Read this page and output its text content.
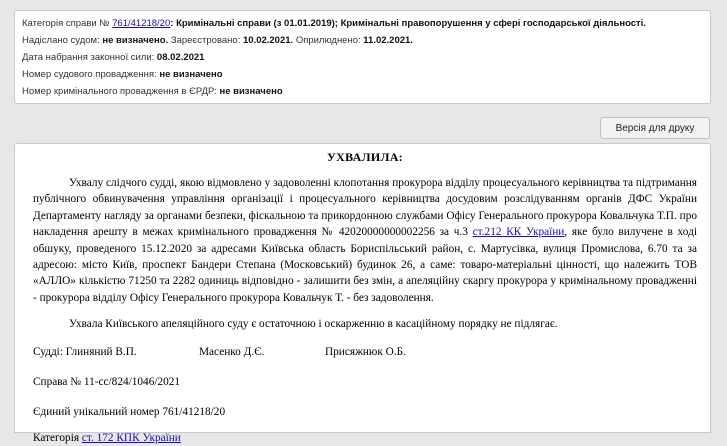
Категорія справи № 761/41218/20: Кримінальні справи (з 01.01.2019); Кримінальні правопорушення у сфері господарської діяльності.
Надіслано судом: не визначено. Зареєстровано: 10.02.2021. Оприлюднено: 11.02.2021.
Дата набрання законної сили: 08.02.2021
Номер судового провадження: не визначено
Номер кримінального провадження в ЄРДР: не визначено
Версія для друку
УХВАЛИЛА:

Ухвалу слідчого судді, якою відмовлено у задоволенні клопотання прокурора відділу процесуального керівництва та підтримання публічного обвинувачення управління організації і процесуального керівництва досудовим розслідуванням органів ДФС України Департаменту нагляду за органами безпеки, фіскальною та прикордонною службами Офісу Генерального прокурора Ковальчука Т.П. про накладення арешту в межах кримінального провадження № 42020000000002256 за ч.3 ст.212 КК України, яке було вилучене в ході обшуку, проведеного 15.12.2020 за адресами Київська область Бориспільський район, с. Мартусівка, вулиця Промислова, 6.70 та за адресою: місто Київ, проспект Бандери Степана (Московський) будинок 26, а саме: товаро-матеріальні цінності, що належить ТОВ «АЛЛО» кількістю 71250 та 2282 одиниць відповідно - залишити без змін, а апеляційну скаргу прокурора у кримінальному провадженні - прокурора відділу Офісу Генерального прокурора Ковальчук Т. - без задоволення.

Ухвала Київського апеляційного суду є остаточною і оскарженню в касаційному порядку не підлягає.
Судді: Глиняний В.П.	Масенко Д.Є.	Присяжнюк О.Б.
Справа № 11-сс/824/1046/2021
Єдиний унікальний номер 761/41218/20
Категорія ст. 172 КПК України
